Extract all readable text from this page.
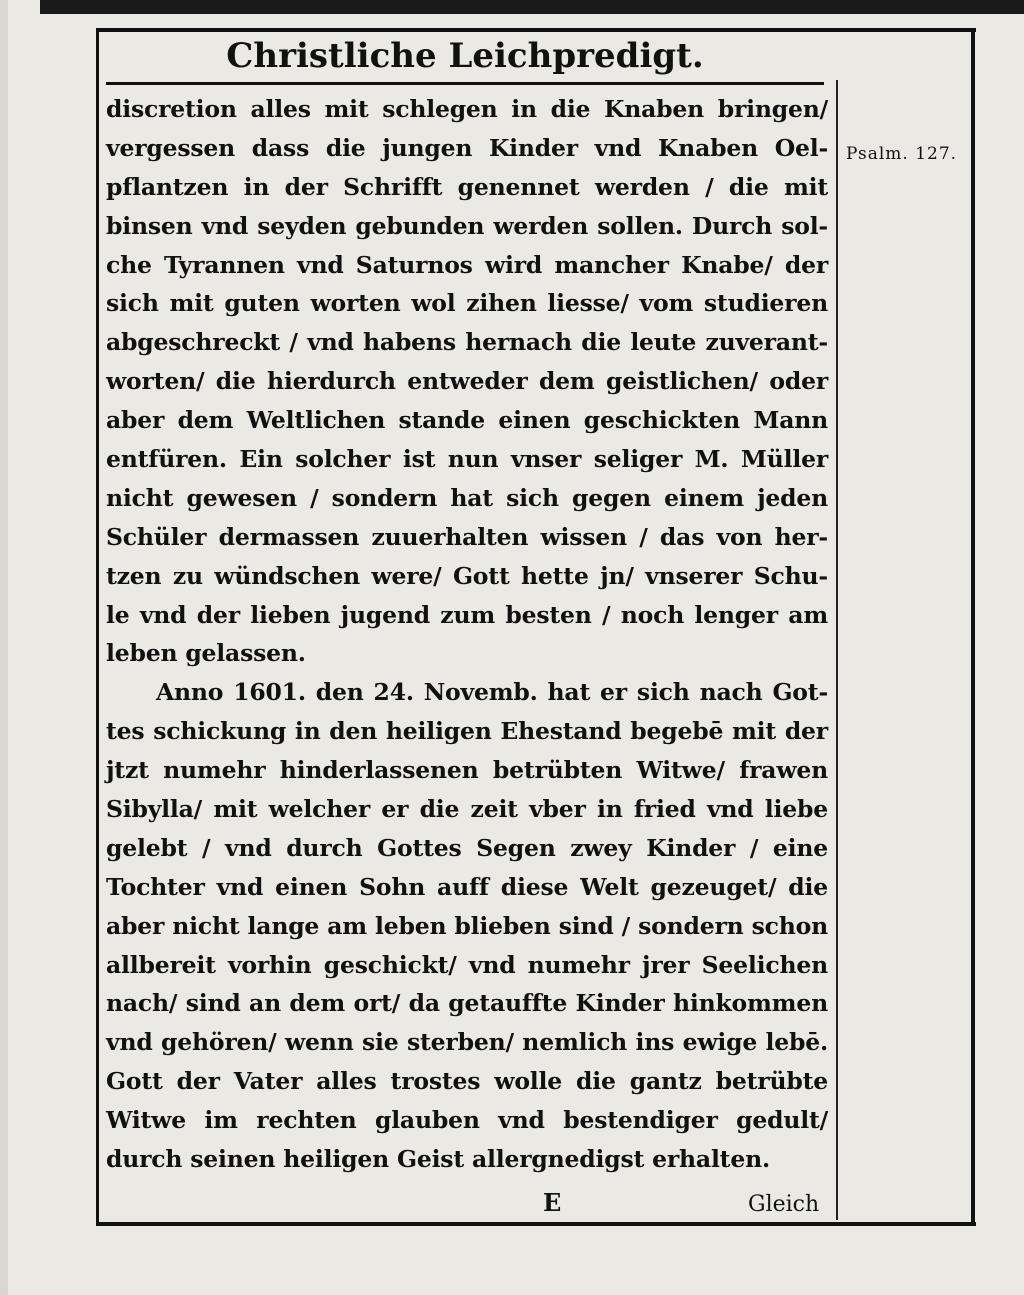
Christliche Leichpredigt.
Psalm. 127.
discretion alles mit schlegen in die Knaben bringen/
vergessen dass die jungen Kinder vnd Knaben Oel-
pflantzen in der Schrifft genennet werden / die mit
binsen vnd seyden gebunden werden sollen. Durch sol-
che Tyrannen vnd Saturnos wird mancher Knabe/ der
sich mit guten worten wol zihen liesse/ vom studieren
abgeschreckt / vnd habens hernach die leute zuverant-
worten/ die hierdurch entweder dem geistlichen/ oder
aber dem Weltlichen stande einen geschickten Mann
entfüren. Ein solcher ist nun vnser seliger M. Müller
nicht gewesen / sondern hat sich gegen einem jeden
Schüler dermassen zuuerhalten wissen / das von her-
tzen zu wündschen were/ Gott hette jn/ vnserer Schu-
le vnd der lieben jugend zum besten / noch lenger am
leben gelassen.
Anno 1601. den 24. Novemb. hat er sich nach Got-
tes schickung in den heiligen Ehestand begebē mit der
jtzt numehr hinderlassenen betrübten Witwe/ frawen
Sibylla/ mit welcher er die zeit vber in fried vnd liebe
gelebt / vnd durch Gottes Segen zwey Kinder / eine
Tochter vnd einen Sohn auff diese Welt gezeuget/ die
aber nicht lange am leben blieben sind / sondern schon
allbereit vorhin geschickt/ vnd numehr jrer Seelichen
nach/ sind an dem ort/ da getauffte Kinder hinkommen
vnd gehören/ wenn sie sterben/ nemlich ins ewige lebē.
Gott der Vater alles trostes wolle die gantz betrübte
Witwe im rechten glauben vnd bestendiger gedult/
durch seinen heiligen Geist allergnedigst erhalten.
E	Gleich
